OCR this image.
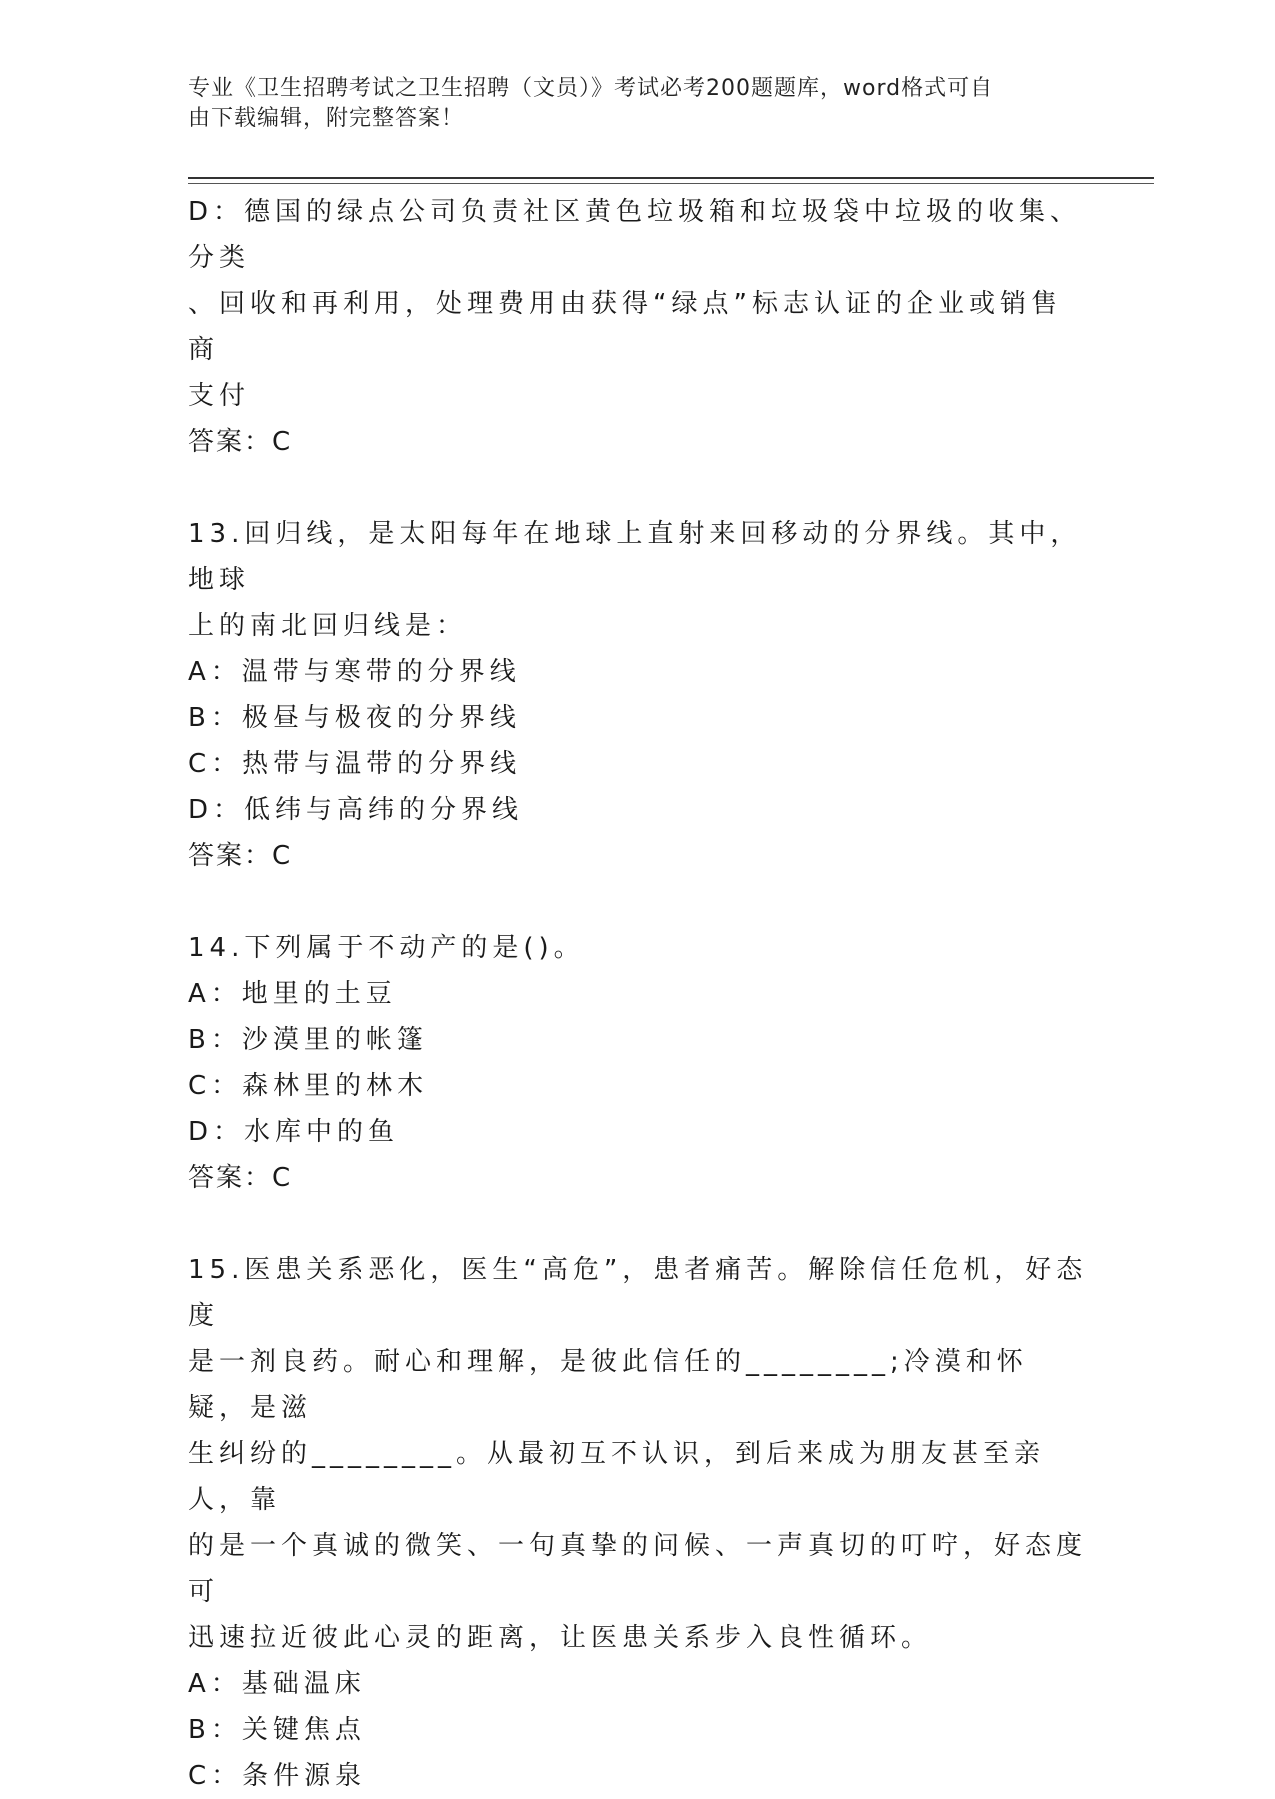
专业《卫生招聘考试之卫生招聘（文员）》考试必考200题题库，word格式可自
由下载编辑，附完整答案！

D：德国的绿点公司负责社区黄色垃圾箱和垃圾袋中垃圾的收集、分类

、回收和再利用，处理费用由获得“绿点”标志认证的企业或销售商

支付

答案：C

13.回归线，是太阳每年在地球上直射来回移动的分界线。其中，地球

上的南北回归线是：

A：温带与寒带的分界线

B：极昼与极夜的分界线

C：热带与温带的分界线

D：低纬与高纬的分界线

答案：C

14.下列属于不动产的是()。

A：地里的土豆

B：沙漠里的帐篷

C：森林里的林木

D：水库中的鱼

答案：C

15.医患关系恶化，医生“高危”，患者痛苦。解除信任危机，好态度

是一剂良药。耐心和理解，是彼此信任的________;冷漠和怀疑，是滋

生纠纷的________。从最初互不认识，到后来成为朋友甚至亲人，靠

的是一个真诚的微笑、一句真挚的问候、一声真切的叮咛，好态度可

迅速拉近彼此心灵的距离，让医患关系步入良性循环。

A：基础温床

B：关键焦点

C：条件源泉
